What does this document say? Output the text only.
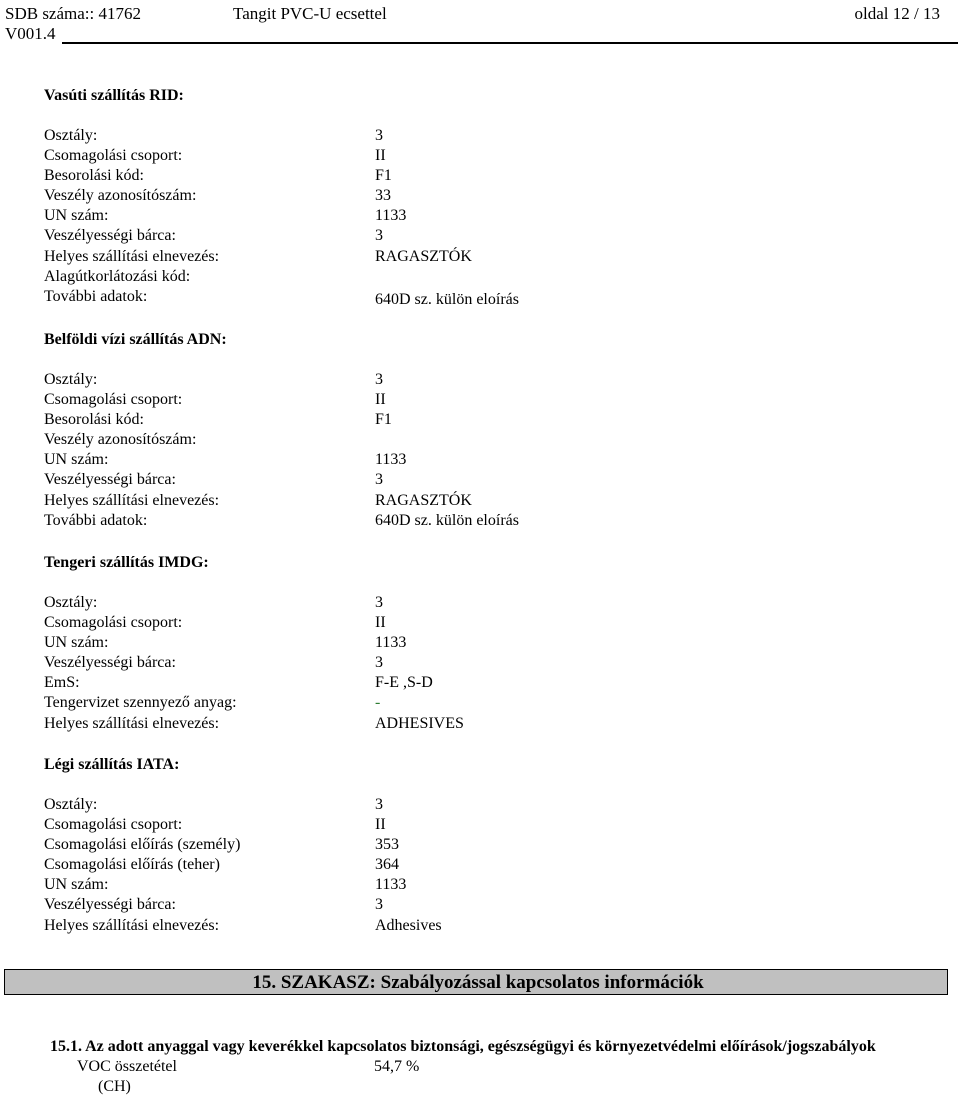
SDB száma:: 41762	Tangit PVC-U ecsettel	oldal 12 / 13
V001.4
Vasúti szállítás RID:
Osztály:	3
Csomagolási csoport:	II
Besorolási kód:	F1
Veszély azonosítószám:	33
UN szám:	1133
Veszélyességi bárca:	3
Helyes szállítási elnevezés:	RAGASZTÓK
Alagútkorlátozási kód:
További adatok:	640D sz. külön eloírás
Belföldi vízi szállítás ADN:
Osztály:	3
Csomagolási csoport:	II
Besorolási kód:	F1
Veszély azonosítószám:
UN szám:	1133
Veszélyességi bárca:	3
Helyes szállítási elnevezés:	RAGASZTÓK
További adatok:	640D sz. külön eloírás
Tengeri szállítás IMDG:
Osztály:	3
Csomagolási csoport:	II
UN szám:	1133
Veszélyességi bárca:	3
EmS:	F-E ,S-D
Tengervizet szennyező anyag:	-
Helyes szállítási elnevezés:	ADHESIVES
Légi szállítás IATA:
Osztály:	3
Csomagolási csoport:	II
Csomagolási előírás (személy)	353
Csomagolási előírás (teher)	364
UN szám:	1133
Veszélyességi bárca:	3
Helyes szállítási elnevezés:	Adhesives
15. SZAKASZ: Szabályozással kapcsolatos információk
15.1. Az adott anyaggal vagy keverékkel kapcsolatos biztonsági, egészségügyi és környezetvédelmi előírások/jogszabályok
VOC összetétel	54,7 %
(CH)
